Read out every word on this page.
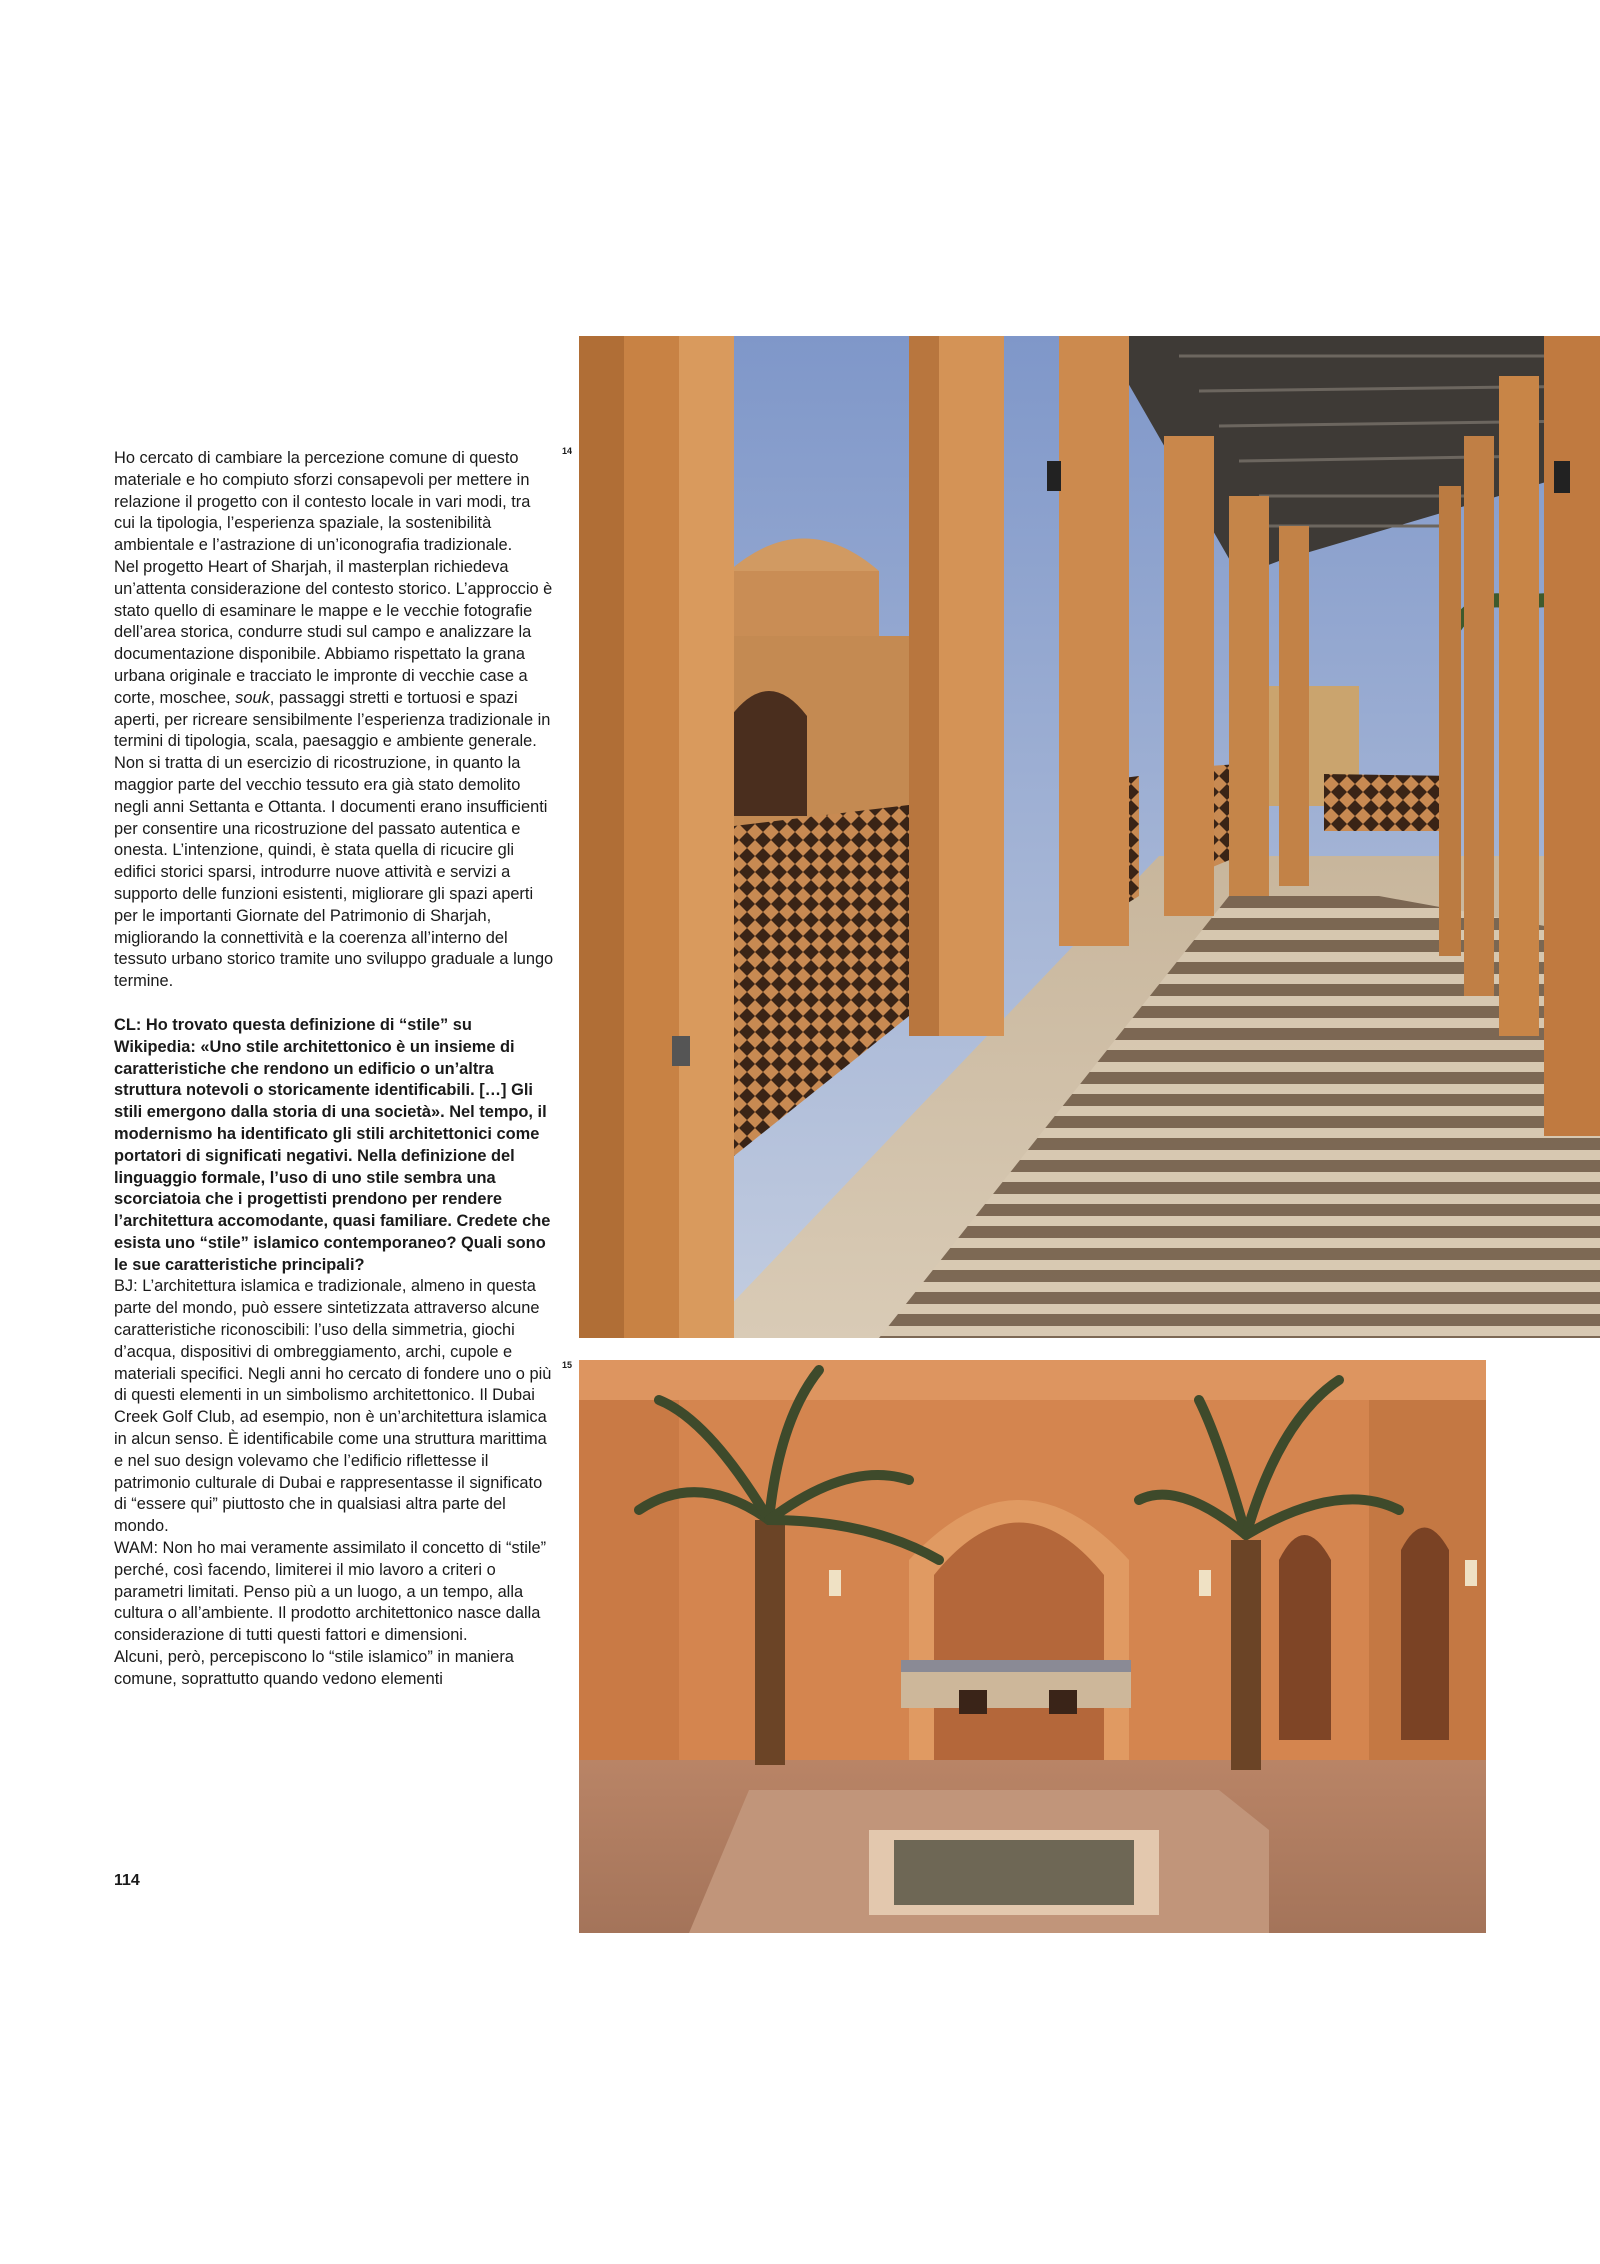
Ho cercato di cambiare la percezione comune di questo materiale e ho compiuto sforzi consapevoli per mettere in relazione il progetto con il contesto locale in vari modi, tra cui la tipologia, l’esperienza spaziale, la sostenibilità ambientale e l’astrazione di un’iconografia tradizionale.

Nel progetto Heart of Sharjah, il masterplan richiedeva un’attenta considerazione del contesto storico. L’approccio è stato quello di esaminare le mappe e le vecchie fotografie dell’area storica, condurre studi sul campo e analizzare la documentazione disponibile. Abbiamo rispettato la grana urbana originale e tracciato le impronte di vecchie case a corte, moschee, souk, passaggi stretti e tortuosi e spazi aperti, per ricreare sensibilmente l’esperienza tradizionale in termini di tipologia, scala, paesaggio e ambiente generale. Non si tratta di un esercizio di ricostruzione, in quanto la maggior parte del vecchio tessuto era già stato demolito negli anni Settanta e Ottanta. I documenti erano insufficienti per consentire una ricostruzione del passato autentica e onesta. L’intenzione, quindi, è stata quella di ricucire gli edifici storici sparsi, introdurre nuove attività e servizi a supporto delle funzioni esistenti, migliorare gli spazi aperti per le importanti Giornate del Patrimonio di Sharjah, migliorando la connettività e la coerenza all’interno del tessuto urbano storico tramite uno sviluppo graduale a lungo termine.

CL: Ho trovato questa definizione di “stile” su Wikipedia: «Uno stile architettonico è un insieme di caratteristiche che rendono un edificio o un’altra struttura notevoli o storicamente identificabili. […] Gli stili emergono dalla storia di una società». Nel tempo, il modernismo ha identificato gli stili architettonici come portatori di significati negativi. Nella definizione del linguaggio formale, l’uso di uno stile sembra una scorciatoia che i progettisti prendono per rendere l’architettura accomodante, quasi familiare. Credete che esista uno “stile” islamico contemporaneo? Quali sono le sue caratteristiche principali?

BJ: L’architettura islamica e tradizionale, almeno in questa parte del mondo, può essere sintetizzata attraverso alcune caratteristiche riconoscibili: l’uso della simmetria, giochi d’acqua, dispositivi di ombreggiamento, archi, cupole e materiali specifici. Negli anni ho cercato di fondere uno o più di questi elementi in un simbolismo architettonico. Il Dubai Creek Golf Club, ad esempio, non è un’architettura islamica in alcun senso. È identificabile come una struttura marittima e nel suo design volevamo che l’edificio riflettesse il patrimonio culturale di Dubai e rappresentasse il significato di “essere qui” piuttosto che in qualsiasi altra parte del mondo.

WAM: Non ho mai veramente assimilato il concetto di “stile” perché, così facendo, limiterei il mio lavoro a criteri o parametri limitati. Penso più a un luogo, a un tempo, alla cultura o all’ambiente. Il prodotto architettonico nasce dalla considerazione di tutti questi fattori e dimensioni.

Alcuni, però, percepiscono lo “stile islamico” in maniera comune, soprattutto quando vedono elementi

114
14
15
